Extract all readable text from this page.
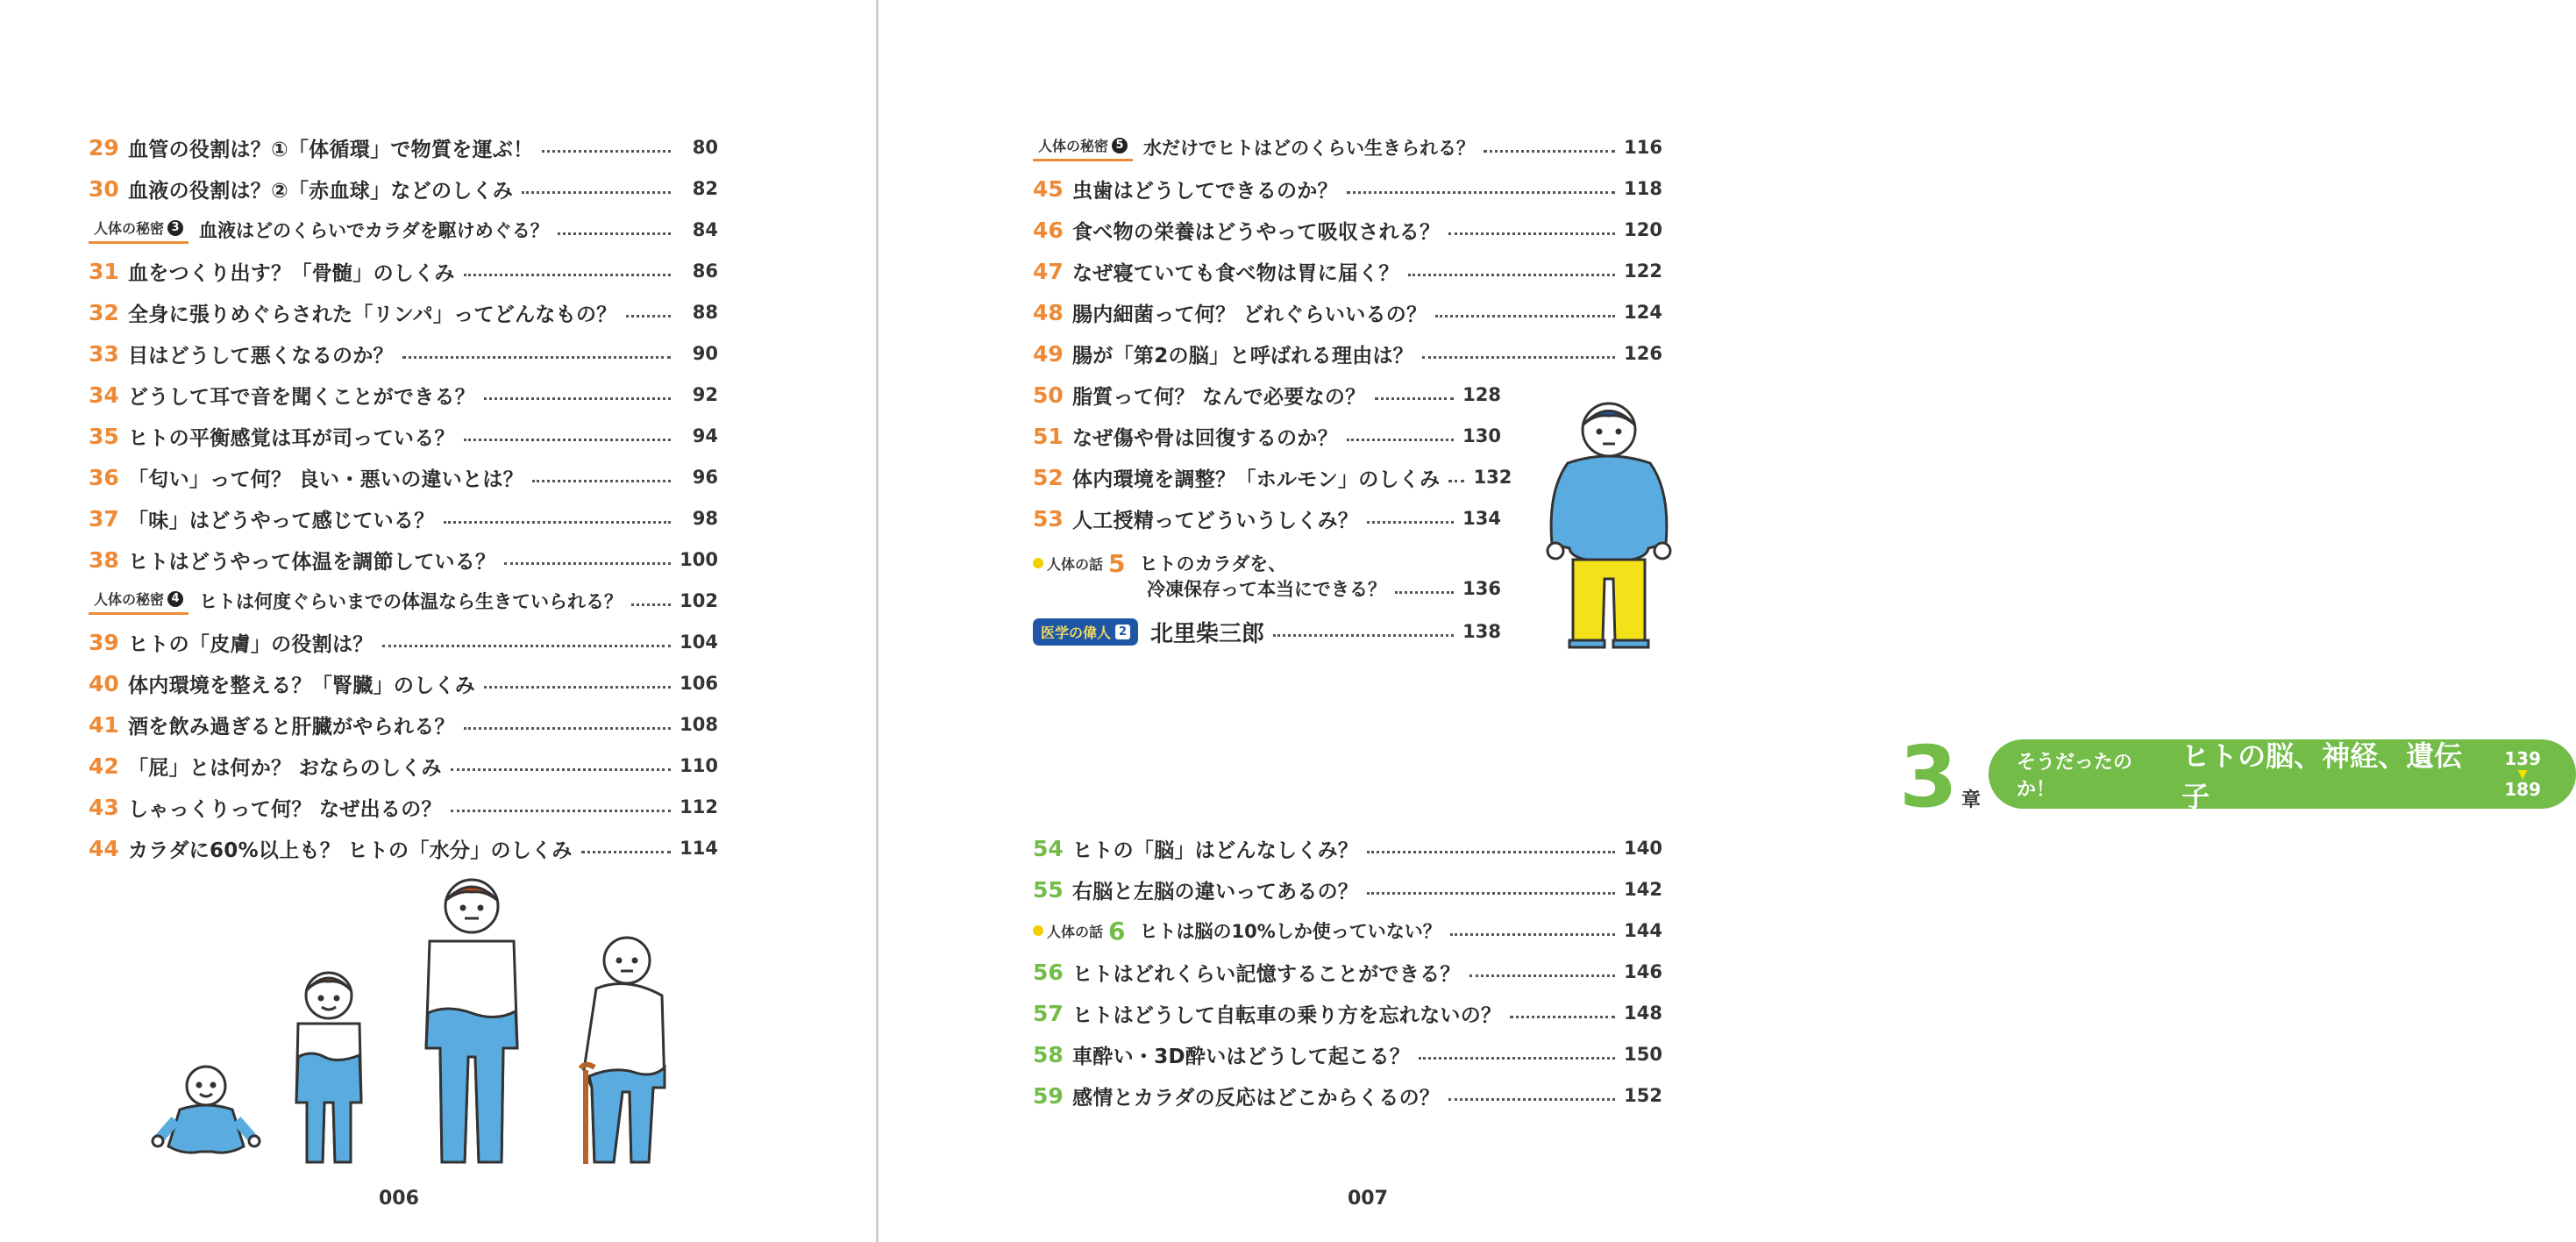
29 血管の役割は？①「体循環」で物質を運ぶ！	80
30 血液の役割は？②「赤血球」などのしくみ	82
人体の秘密 3 血液はどのくらいでカラダを駆けめぐる？	84
31 血をつくり出す？「骨髄」のしくみ	86
32 全身に張りめぐらされた「リンパ」ってどんなもの？	88
33 目はどうして悪くなるのか？	90
34 どうして耳で音を聞くことができる？	92
35 ヒトの平衡感覚は耳が司っている？	94
36 「匂い」って何？ 良い・悪いの違いとは？	96
37 「味」はどうやって感じている？	98
38 ヒトはどうやって体温を調節している？	100
人体の秘密 4 ヒトは何度ぐらいまでの体温なら生きていられる？	102
39 ヒトの「皮膚」の役割は？	104
40 体内環境を整える？「腎臓」のしくみ	106
41 酒を飲み過ぎると肝臓がやられる？	108
42 「屁」とは何か？ おならのしくみ	110
43 しゃっくりって何？ なぜ出るの？	112
44 カラダに60%以上も？ ヒトの「水分」のしくみ	114
006
人体の秘密 5 水だけでヒトはどのくらい生きられる？	116
45 虫歯はどうしてできるのか？	118
46 食べ物の栄養はどうやって吸収される？	120
47 なぜ寝ていても食べ物は胃に届く？	122
48 腸内細菌って何？ どれぐらいいるの？	124
49 腸が「第2の脳」と呼ばれる理由は？	126
50 脂質って何？ なんで必要なの？	128
51 なぜ傷や骨は回復するのか？	130
52 体内環境を調整？「ホルモン」のしくみ 132
53 人工授精ってどういうしくみ？	134
人体の話 5 ヒトのカラダを、
冷凍保存って本当にできる？	136
医学の偉人 2 北里柴三郎	138
3 章
そうだったのか！
ヒトの脳、神経、遺伝子
139
▼
189
54 ヒトの「脳」はどんなしくみ？	140
55 右脳と左脳の違いってあるの？	142
人体の話 6 ヒトは脳の10%しか使っていない？	144
56 ヒトはどれくらい記憶することができる？	146
57 ヒトはどうして自転車の乗り方を忘れないの？	148
58 車酔い・3D酔いはどうして起こる？	150
59 感情とカラダの反応はどこからくるの？	152
007
